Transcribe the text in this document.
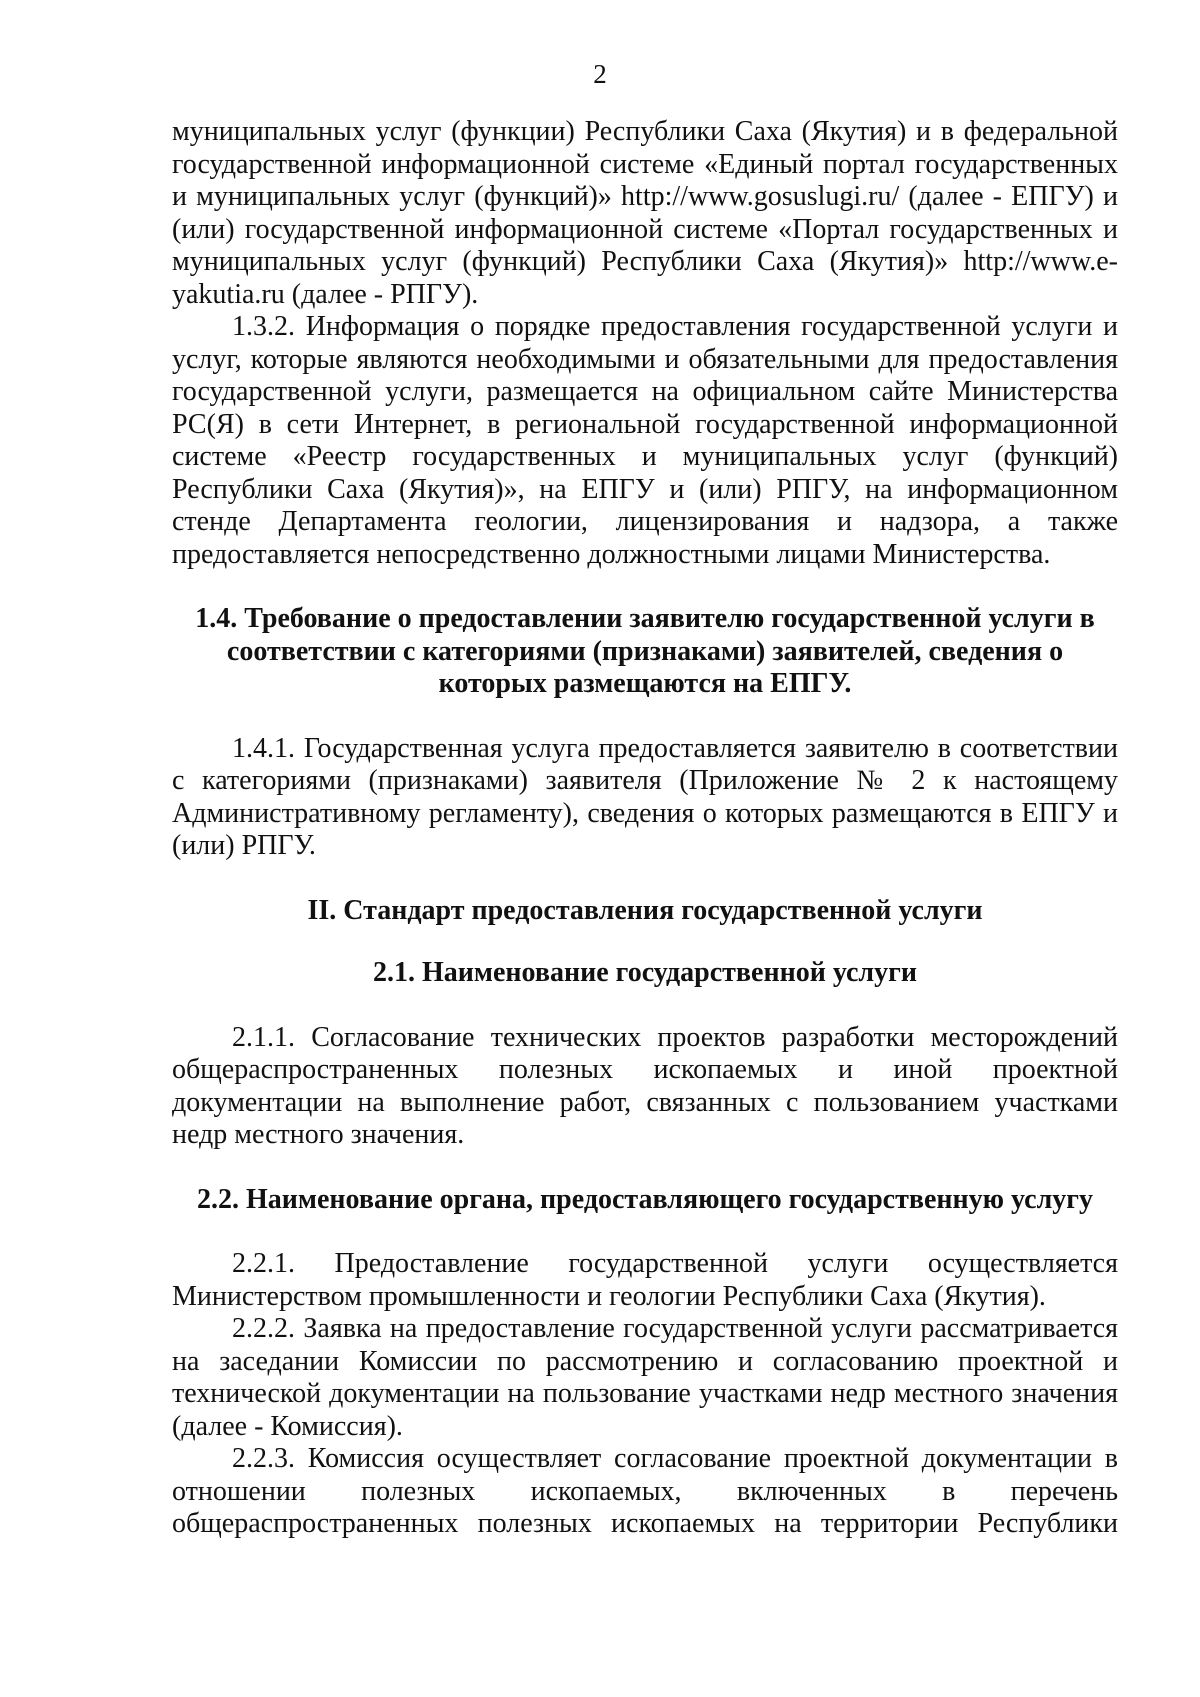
2

муниципальных услуг (функции) Республики Саха (Якутия) и в федеральной государственной информационной системе «Единый портал государственных и муниципальных услуг (функций)» http://www.gosuslugi.ru/ (далее - ЕПГУ) и (или) государственной информационной системе «Портал государственных и муниципальных услуг (функций) Республики Саха (Якутия)» http://www.e-yakutia.ru (далее - РПГУ).

1.3.2. Информация о порядке предоставления государственной услуги и услуг, которые являются необходимыми и обязательными для предоставления государственной услуги, размещается на официальном сайте Министерства РС(Я) в сети Интернет, в региональной государственной информационной системе «Реестр государственных и муниципальных услуг (функций) Республики Саха (Якутия)», на ЕПГУ и (или) РПГУ, на информационном стенде Департамента геологии, лицензирования и надзора, а также предоставляется непосредственно должностными лицами Министерства.

1.4. Требование о предоставлении заявителю государственной услуги в соответствии с категориями (признаками) заявителей, сведения о которых размещаются на ЕПГУ.

1.4.1. Государственная услуга предоставляется заявителю в соответствии с категориями (признаками) заявителя (Приложение № 2 к настоящему Административному регламенту), сведения о которых размещаются в ЕПГУ и (или) РПГУ.

II. Стандарт предоставления государственной услуги
2.1. Наименование государственной услуги

2.1.1. Согласование технических проектов разработки месторождений общераспространенных полезных ископаемых и иной проектной документации на выполнение работ, связанных с пользованием участками недр местного значения.

2.2. Наименование органа, предоставляющего государственную услугу

2.2.1. Предоставление государственной услуги осуществляется Министерством промышленности и геологии Республики Саха (Якутия).

2.2.2. Заявка на предоставление государственной услуги рассматривается на заседании Комиссии по рассмотрению и согласованию проектной и технической документации на пользование участками недр местного значения (далее - Комиссия).

2.2.3. Комиссия осуществляет согласование проектной документации в отношении полезных ископаемых, включенных в перечень общераспространенных полезных ископаемых на территории Республики
